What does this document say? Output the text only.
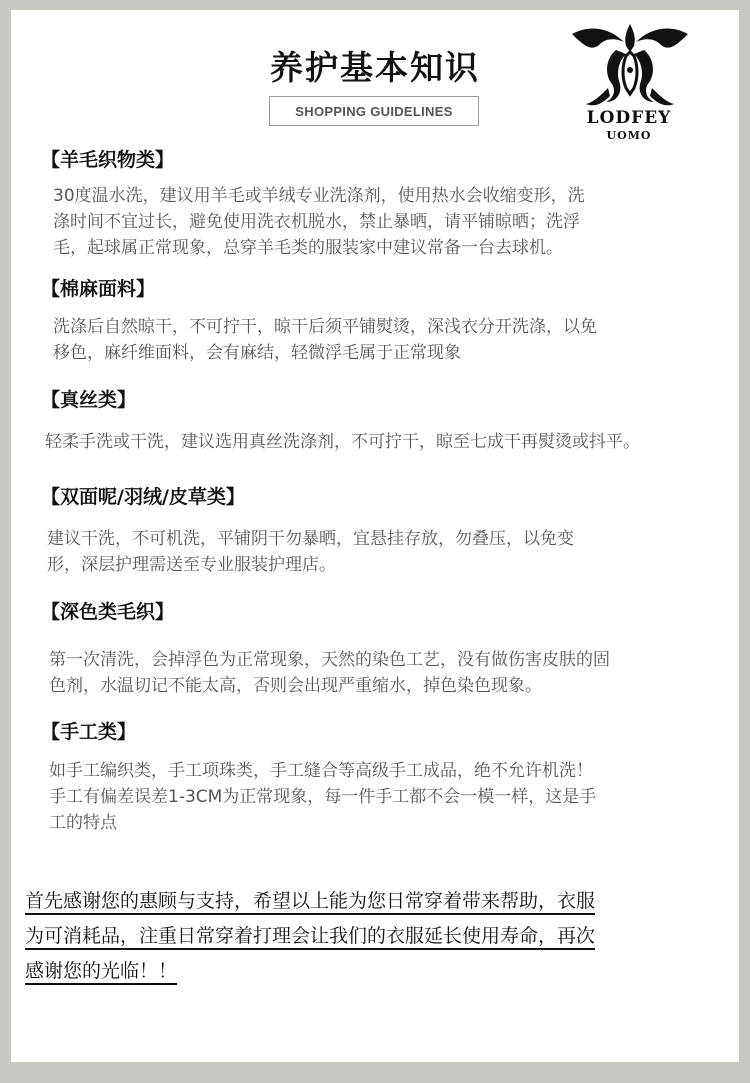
养护基本知识
SHOPPING GUIDELINES	LODFEY
UOMO
【羊毛织物类】
30度温水洗，建议用羊毛或羊绒专业洗涤剂，使用热水会收缩变形，洗
涤时间不宜过长，避免使用洗衣机脱水，禁止暴晒，请平铺晾晒；洗浮
毛，起球属正常现象，总穿羊毛类的服装家中建议常备一台去球机。
【棉麻面料】
洗涤后自然晾干，不可拧干，晾干后须平铺熨烫，深浅衣分开洗涤，以免
移色，麻纤维面料，会有麻结，轻微浮毛属于正常现象
【真丝类】
轻柔手洗或干洗，建议选用真丝洗涤剂，不可拧干，晾至七成干再熨烫或抖平。
【双面呢/羽绒/皮草类】
建议干洗，不可机洗，平铺阴干勿暴晒，宜悬挂存放，勿叠压，以免变
形，深层护理需送至专业服装护理店。
【深色类毛织】
第一次清洗，会掉浮色为正常现象，天然的染色工艺，没有做伤害皮肤的固
色剂，水温切记不能太高，否则会出现严重缩水，掉色染色现象。
【手工类】
如手工编织类，手工项珠类，手工缝合等高级手工成品，绝不允许机洗！
手工有偏差误差1-3CM为正常现象，每一件手工都不会一模一样，这是手
工的特点
首先感谢您的惠顾与支持，希望以上能为您日常穿着带来帮助，衣服
为可消耗品，注重日常穿着打理会让我们的衣服延长使用寿命，再次
感谢您的光临！！
